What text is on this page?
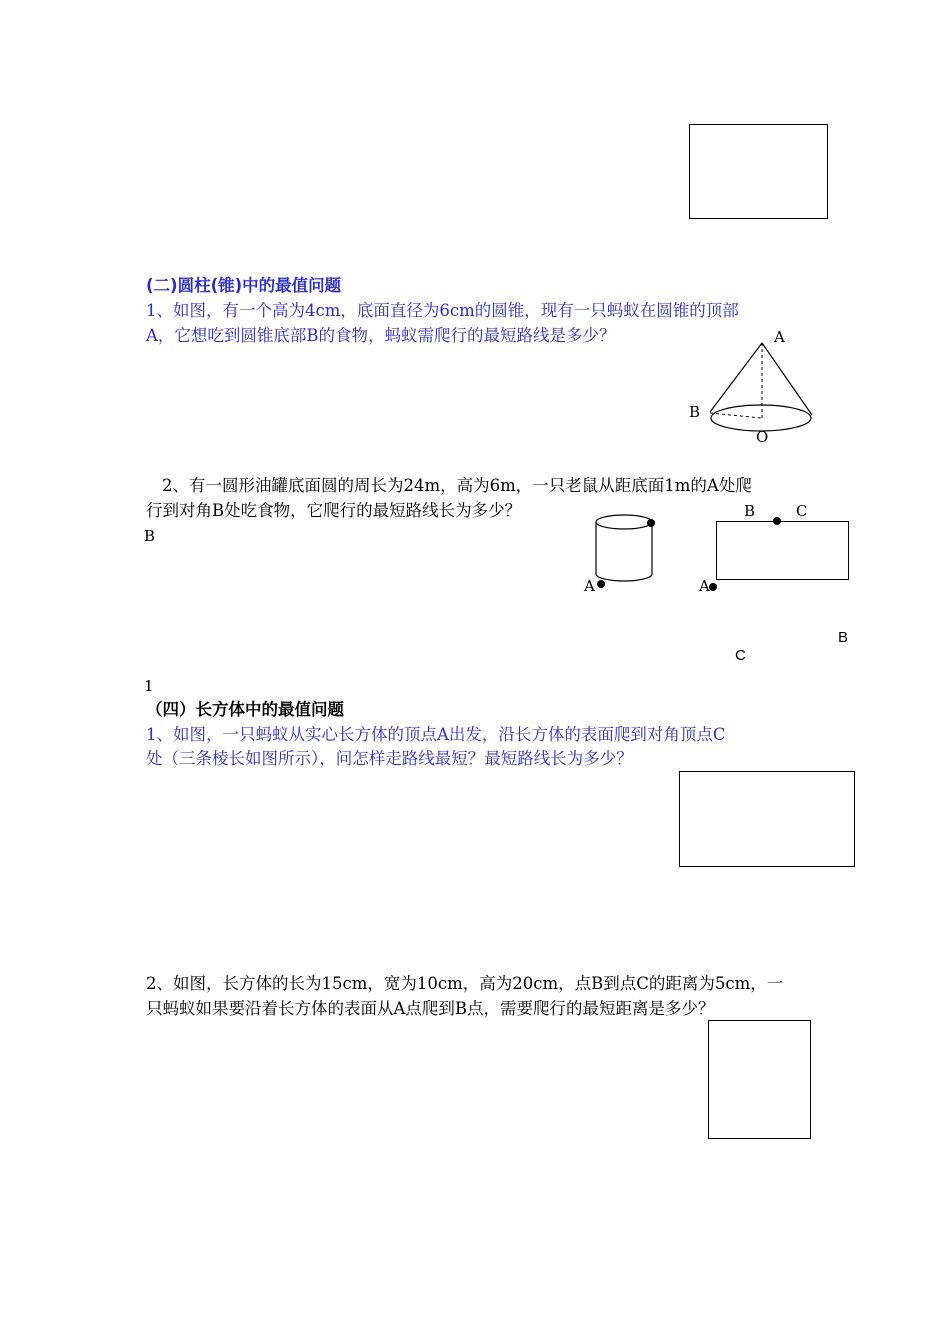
(二)圆柱(锥)中的最值问题
1、如图，有一个高为4cm，底面直径为6cm的圆锥，现有一只蚂蚁在圆锥的顶部
A，它想吃到圆锥底部B的食物，蚂蚁需爬行的最短路线是多少？	A
B
O
2、有一圆形油罐底面圆的周长为24m，高为6m，一只老鼠从距底面1m的A处爬
行到对角B处吃食物，它爬行的最短路线长为多少？
B
A
B	C
A
B
C
1
（四）长方体中的最值问题
1、如图，一只蚂蚁从实心长方体的顶点A出发，沿长方体的表面爬到对角顶点C
处（三条棱长如图所示），问怎样走路线最短？最短路线长为多少？
2、如图，长方体的长为15cm，宽为10cm，高为20cm，点B到点C的距离为5cm，一
只蚂蚁如果要沿着长方体的表面从A点爬到B点，需要爬行的最短距离是多少？
